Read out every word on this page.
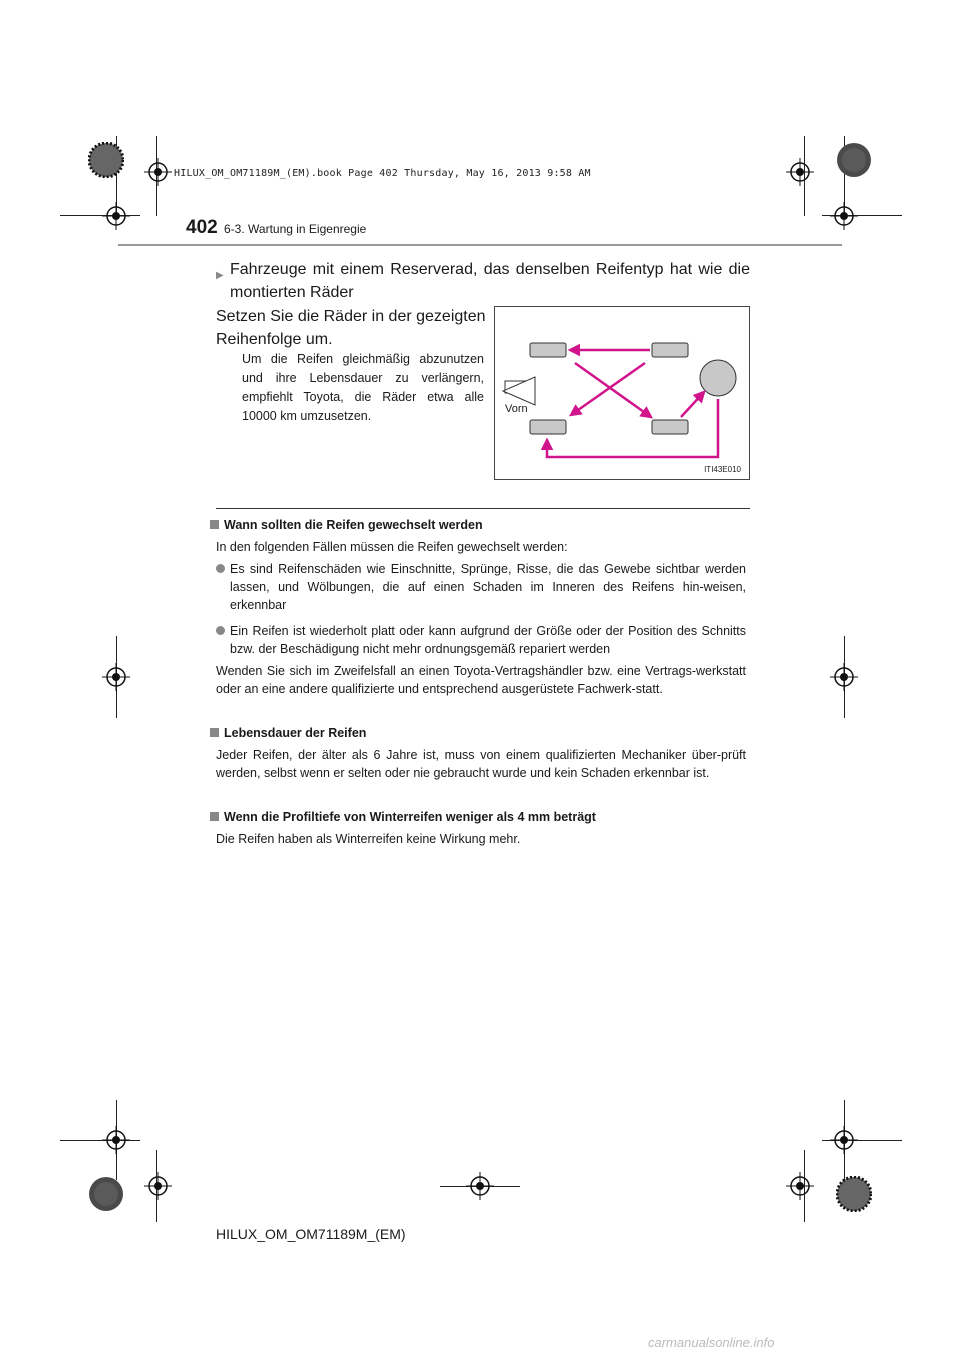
HILUX_OM_OM71189M_(EM).book Page 402 Thursday, May 16, 2013 9:58 AM
402 6-3. Wartung in Eigenregie
▶ Fahrzeuge mit einem Reserverad, das denselben Reifentyp hat wie die montierten Räder
Setzen Sie die Räder in der gezeigten Reihenfolge um.
Um die Reifen gleichmäßig abzunutzen und ihre Lebensdauer zu verlängern, empfiehlt Toyota, die Räder etwa alle 10000 km umzusetzen.	Vorn
ITI43E010
Wann sollten die Reifen gewechselt werden
In den folgenden Fällen müssen die Reifen gewechselt werden:
Es sind Reifenschäden wie Einschnitte, Sprünge, Risse, die das Gewebe sichtbar werden lassen, und Wölbungen, die auf einen Schaden im Inneren des Reifens hin-weisen, erkennbar
Ein Reifen ist wiederholt platt oder kann aufgrund der Größe oder der Position des Schnitts bzw. der Beschädigung nicht mehr ordnungsgemäß repariert werden
Wenden Sie sich im Zweifelsfall an einen Toyota-Vertragshändler bzw. eine Vertrags-werkstatt oder an eine andere qualifizierte und entsprechend ausgerüstete Fachwerk-statt.
Lebensdauer der Reifen
Jeder Reifen, der älter als 6 Jahre ist, muss von einem qualifizierten Mechaniker über-prüft werden, selbst wenn er selten oder nie gebraucht wurde und kein Schaden erkennbar ist.
Wenn die Profiltiefe von Winterreifen weniger als 4 mm beträgt
Die Reifen haben als Winterreifen keine Wirkung mehr.
HILUX_OM_OM71189M_(EM)
carmanualsonline.info
